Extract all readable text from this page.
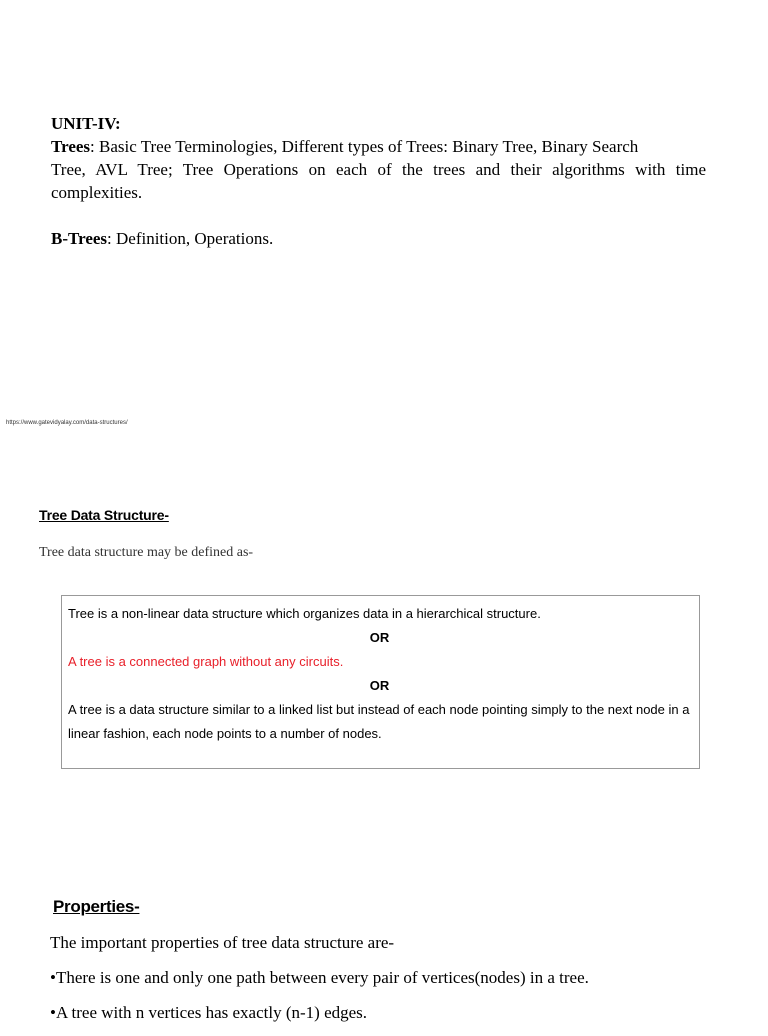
UNIT-IV:

Trees: Basic Tree Terminologies, Different types of Trees: Binary Tree, Binary Search

Tree, AVL Tree; Tree Operations on each of the trees and their algorithms with time complexities.

B-Trees: Definition, Operations.

https://www.gatevidyalay.com/data-structures/
Tree Data Structure-
Tree data structure may be defined as-
Tree is a non-linear data structure which organizes data in a hierarchical structure.
OR
A tree is a connected graph without any circuits.
OR
A tree is a data structure similar to a linked list but instead of each node pointing simply to the next node in a linear fashion, each node points to a number of nodes.
Properties-
The important properties of tree data structure are-
•There is one and only one path between every pair of vertices(nodes) in a tree.
•A tree with n vertices has exactly (n-1) edges.
